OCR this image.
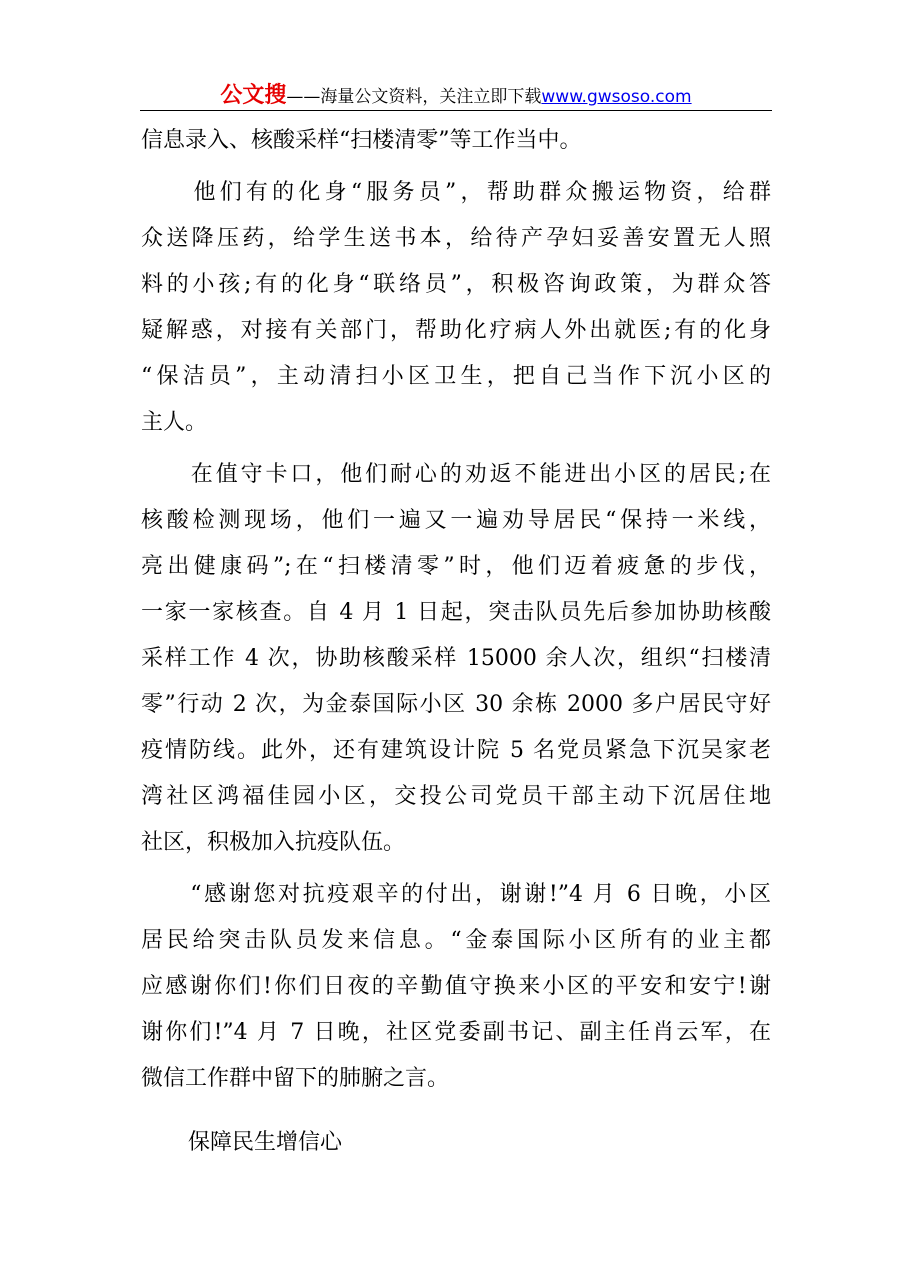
公文搜——海量公文资料，关注立即下载www.gwsoso.com
信息录入、核酸采样“扫楼清零”等工作当中。
　　他们有的化身“服务员”，帮助群众搬运物资，给群
众送降压药，给学生送书本，给待产孕妇妥善安置无人照
料的小孩;有的化身“联络员”，积极咨询政策，为群众答
疑解惑，对接有关部门，帮助化疗病人外出就医;有的化身
“保洁员”，主动清扫小区卫生，把自己当作下沉小区的
主人。
　　在值守卡口，他们耐心的劝返不能进出小区的居民;在
核酸检测现场，他们一遍又一遍劝导居民“保持一米线，
亮出健康码”;在“扫楼清零”时，他们迈着疲惫的步伐，
一家一家核查。自 4 月 1 日起，突击队员先后参加协助核酸
采样工作 4 次，协助核酸采样 15000 余人次，组织“扫楼清
零”行动 2 次，为金泰国际小区 30 余栋 2000 多户居民守好
疫情防线。此外，还有建筑设计院 5 名党员紧急下沉吴家老
湾社区鸿福佳园小区，交投公司党员干部主动下沉居住地
社区，积极加入抗疫队伍。
　　“感谢您对抗疫艰辛的付出，谢谢!”4 月 6 日晚，小区
居民给突击队员发来信息。“金泰国际小区所有的业主都
应感谢你们!你们日夜的辛勤值守换来小区的平安和安宁!谢
谢你们!”4 月 7 日晚，社区党委副书记、副主任肖云军，在
微信工作群中留下的肺腑之言。
保障民生增信心
